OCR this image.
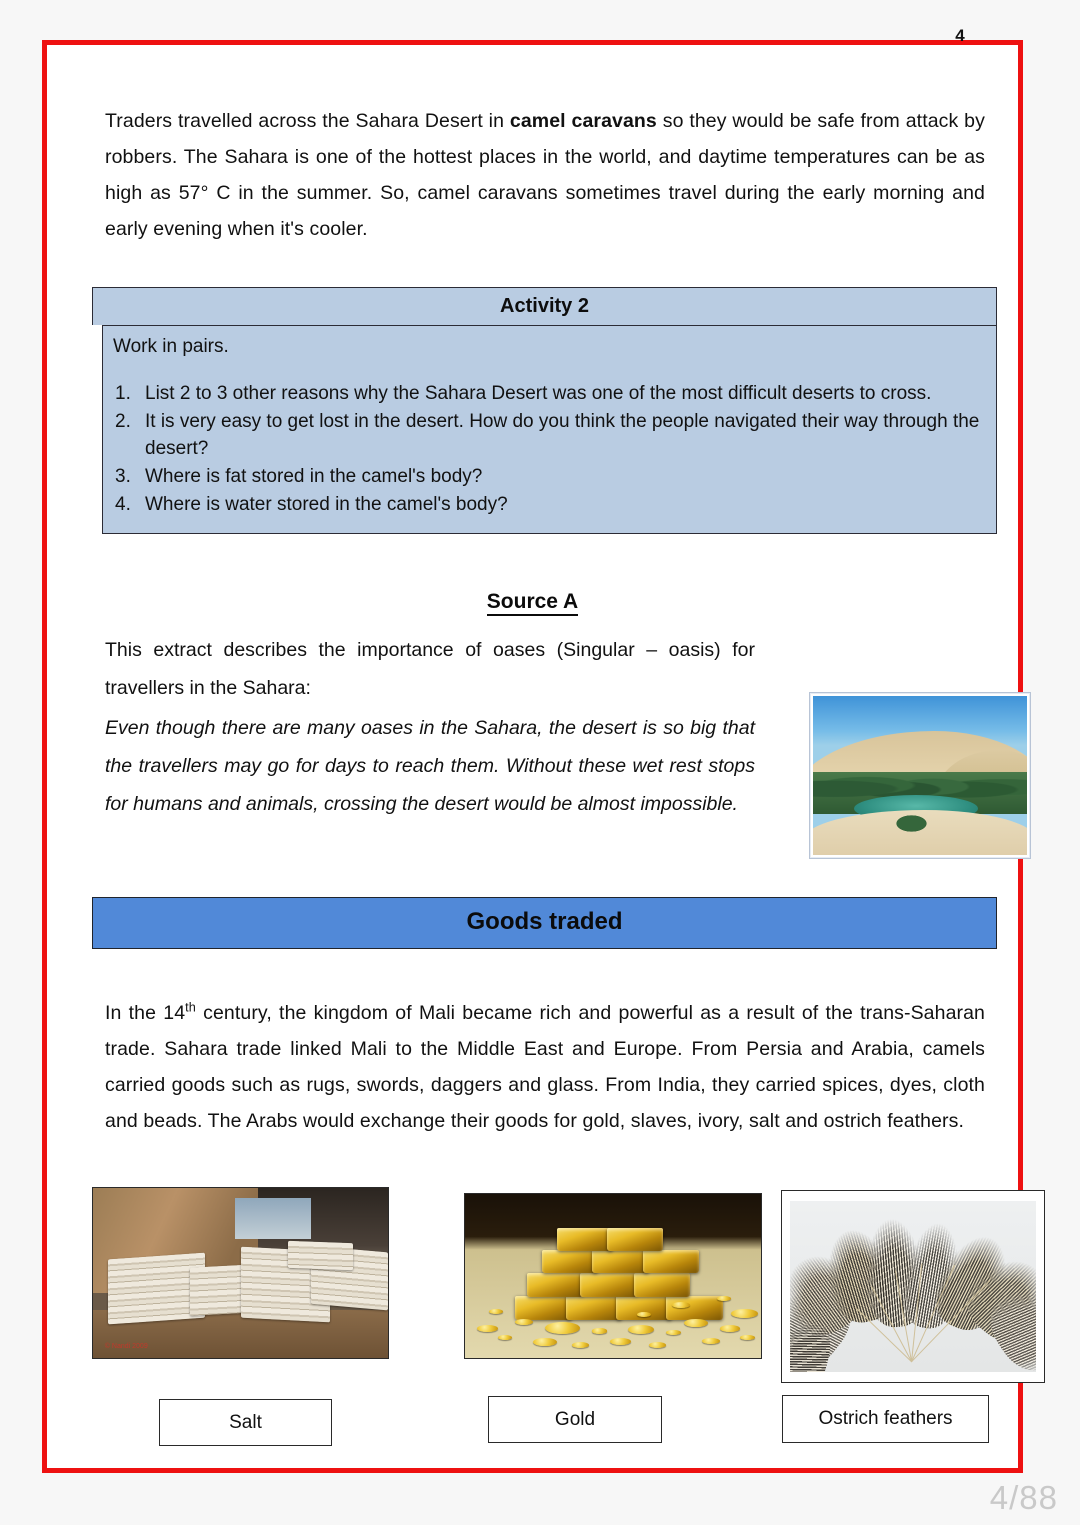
4

Traders travelled across the Sahara Desert in camel caravans so they would be safe from attack by robbers. The Sahara is one of the hottest places in the world, and daytime temperatures can be as high as 57° C in the summer. So, camel caravans sometimes travel during the early morning and early evening when it's cooler.

Activity 2
Work in pairs.
List 2 to 3 other reasons why the Sahara Desert was one of the most difficult deserts to cross.
It is very easy to get lost in the desert. How do you think the people navigated their way through the desert?
Where is fat stored in the camel's body?
Where is water stored in the camel's body?
Source A
This extract describes the importance of oases (Singular – oasis) for travellers in the Sahara:
Even though there are many oases in the Sahara, the desert is so big that the travellers may go for days to reach them. Without these wet rest stops for humans and animals, crossing the desert would be almost impossible.
Goods traded

In the 14th century, the kingdom of Mali became rich and powerful as a result of the trans-Saharan trade. Sahara trade linked Mali to the Middle East and Europe. From Persia and Arabia, camels carried goods such as rugs, swords, daggers and glass. From India, they carried spices, dyes, cloth and beads. The Arabs would exchange their goods for gold, slaves, ivory, salt and ostrich feathers.

© Nandi 2009
Salt	Gold	Ostrich feathers
4/88
